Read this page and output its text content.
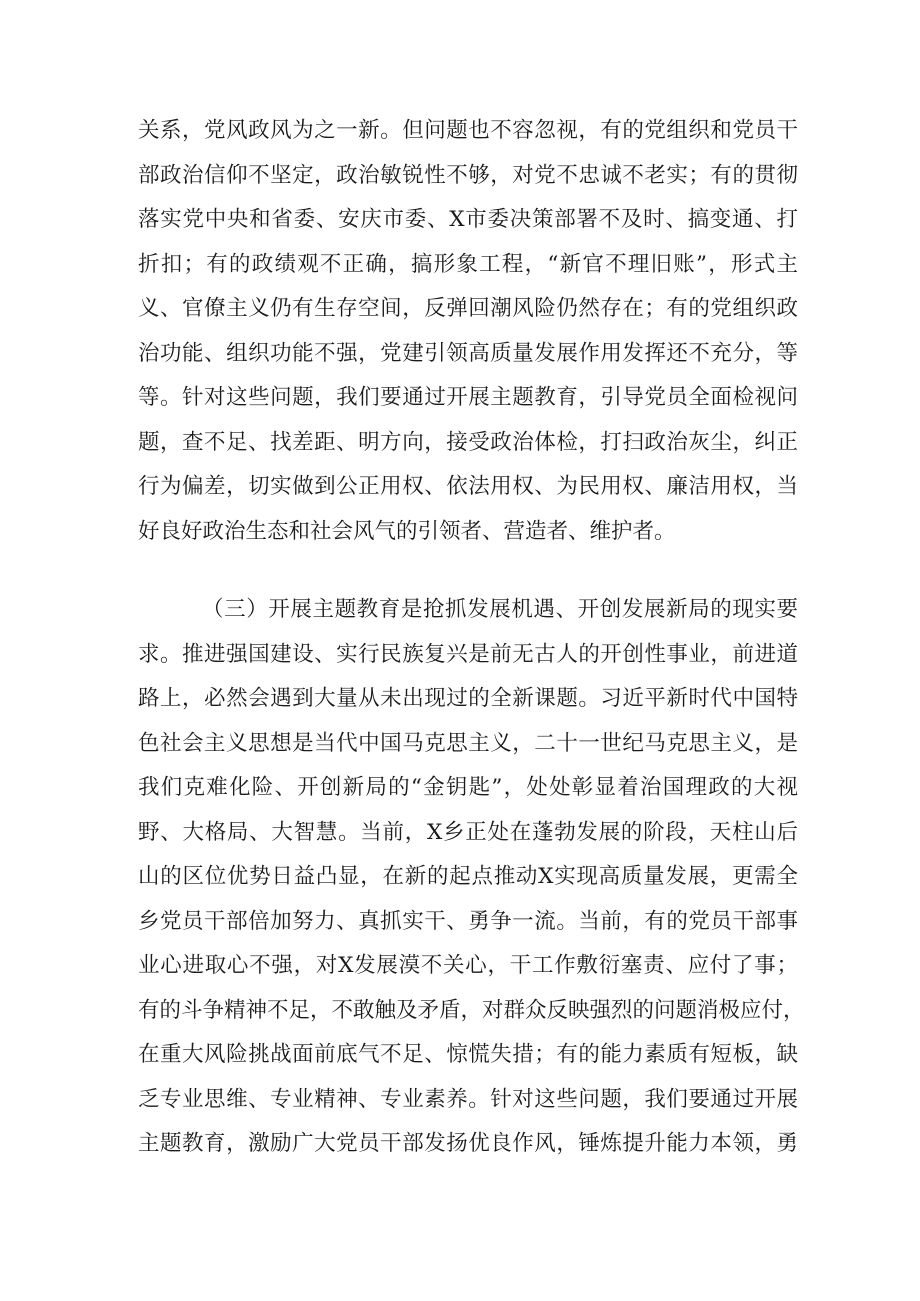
关系，党风政风为之一新。但问题也不容忽视，有的党组织和党员干
部政治信仰不坚定，政治敏锐性不够，对党不忠诚不老实；有的贯彻
落实党中央和省委、安庆市委、X市委决策部署不及时、搞变通、打
折扣；有的政绩观不正确，搞形象工程，“新官不理旧账”，形式主
义、官僚主义仍有生存空间，反弹回潮风险仍然存在；有的党组织政
治功能、组织功能不强，党建引领高质量发展作用发挥还不充分，等
等。针对这些问题，我们要通过开展主题教育，引导党员全面检视问
题，查不足、找差距、明方向，接受政治体检，打扫政治灰尘，纠正
行为偏差，切实做到公正用权、依法用权、为民用权、廉洁用权，当
好良好政治生态和社会风气的引领者、营造者、维护者。
（三）开展主题教育是抢抓发展机遇、开创发展新局的现实要
求。推进强国建设、实行民族复兴是前无古人的开创性事业，前进道
路上，必然会遇到大量从未出现过的全新课题。习近平新时代中国特
色社会主义思想是当代中国马克思主义，二十一世纪马克思主义，是
我们克难化险、开创新局的“金钥匙”，处处彰显着治国理政的大视
野、大格局、大智慧。当前，X乡正处在蓬勃发展的阶段，天柱山后
山的区位优势日益凸显，在新的起点推动X实现高质量发展，更需全
乡党员干部倍加努力、真抓实干、勇争一流。当前，有的党员干部事
业心进取心不强，对X发展漠不关心，干工作敷衍塞责、应付了事；
有的斗争精神不足，不敢触及矛盾，对群众反映强烈的问题消极应付，
在重大风险挑战面前底气不足、惊慌失措；有的能力素质有短板，缺
乏专业思维、专业精神、专业素养。针对这些问题，我们要通过开展
主题教育，激励广大党员干部发扬优良作风，锤炼提升能力本领，勇
